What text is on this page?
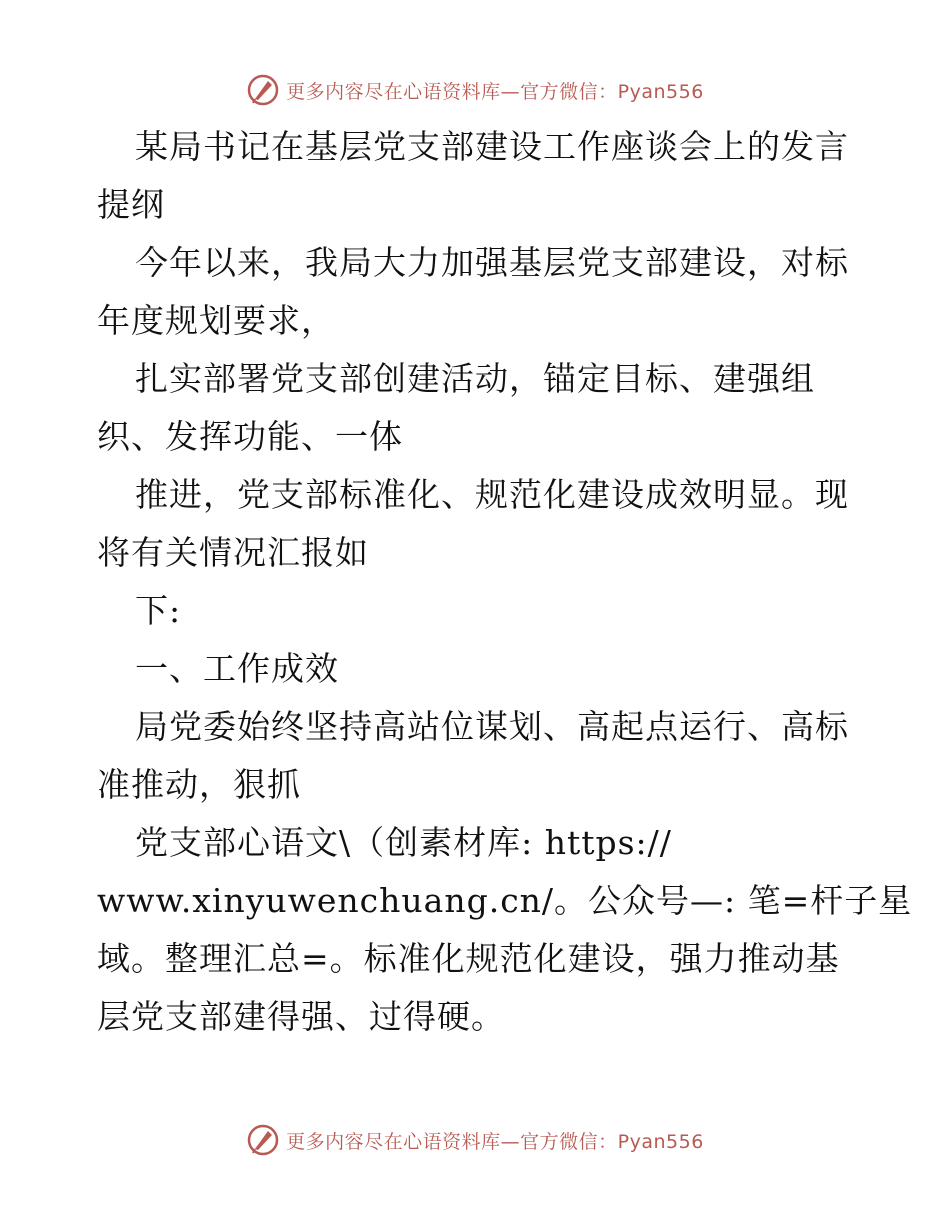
更多内容尽在心语资料库—官方微信：Pyan556
某局书记在基层党支部建设工作座谈会上的发言
提纲
今年以来，我局大力加强基层党支部建设，对标
年度规划要求，
扎实部署党支部创建活动，锚定目标、建强组
织、发挥功能、一体
推进，党支部标准化、规范化建设成效明显。现
将有关情况汇报如
下:
一、工作成效
局党委始终坚持高站位谋划、高起点运行、高标
准推动，狠抓
党支部心语文\（创素材库: https://
www.xinyuwenchuang.cn/。公众号—: 笔=杆子星
域。整理汇总=。标准化规范化建设，强力推动基
层党支部建得强、过得硬。
更多内容尽在心语资料库—官方微信：Pyan556
